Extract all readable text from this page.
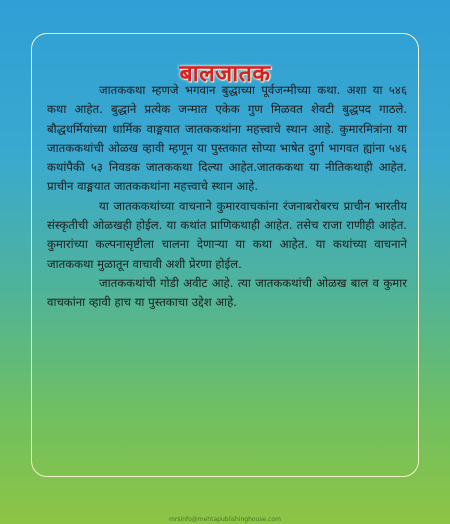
बालजातक

जातककथा म्हणजे भगवान बुद्धाच्या पूर्वजन्मीच्या कथा. अशा या ५४६ कथा आहेत. बुद्धाने प्रत्येक जन्मात एकेक गुण मिळवत शेवटी बुद्धपद गाठले. बौद्धधर्मियांच्या धार्मिक वाङ्मयात जातककथांना महत्त्वाचे स्थान आहे. कुमारमित्रांना या जातककथांची ओळख व्हावी म्हणून या पुस्तकात सोप्या भाषेत दुर्गा भागवत ह्यांना ५४६ कथांपैकी ५३ निवडक जातककथा दिल्या आहेत.जातककथा या नीतिकथाही आहेत. प्राचीन वाङ्मयात जातककथांना महत्त्वाचे स्थान आहे.

या जातककथांच्या वाचनाने कुमारवाचकांना रंजनाबरोबरच प्राचीन भारतीय संस्कृतीची ओळखही होईल. या कथांत प्राणिकथाही आहेत. तसेच राजा राणीही आहेत. कुमारांच्या कल्पनासृष्टीला चालना देणाऱ्या या कथा आहेत. या कथांच्या वाचनाने जातककथा मुळातून वाचावी अशी प्रेरणा होईल.

जातककथांची गोडी अवीट आहे. त्या जातककथांची ओळख बाल व कुमार वाचकांना व्हावी हाच या पुस्तकाचा उद्देश आहे.

mrsinfo@mehtapublishinghouse.com
